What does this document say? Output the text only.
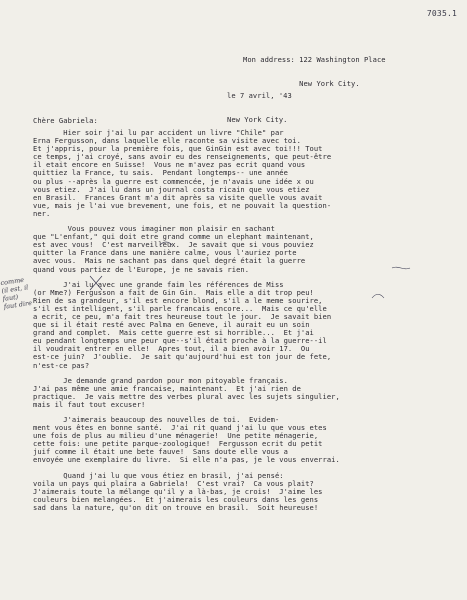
7035.1

Mon address: 122 Washington Place

New York City.

le 7 avril, '43

New York City.

Chère Gabriela:
Hier soir j'ai lu par accident un livre "Chile" par
Erna Fergusson, dans laquelle elle raconte sa visite avec toi.
Et j'appris, pour la première fois, que GinGin est avec toi!!! Tout
ce temps, j'ai croyé, sans avoir eu des renseignements, que peut-être
il etait encore en Suisse!  Vous ne m'avez pas ecrit quand vous
quittiez la France, tu sais.  Pendant longtemps-- une année
ou plus --après la guerre est commencée, je n'avais une idée x ou
vous etiez.  J'ai lu dans un journal costa ricain que vous etiez
en Brasil.  Frances Grant m'a dit après sa visite quelle vous avait
vue, mais je l'ai vue brevement, une fois, et ne pouvait la question-
ner.
Vous pouvez vous imaginer mon plaisir en sachant
que "L'enfant," qui doit etre grand comme un elephant maintenant,
est avec vous!  C'est marveilleux.  Je savait que si vous pouviez
quitter la France dans une manière calme, vous l'auriez porte
avec vous.  Mais ne sachant pas dans quel degré était la guerre
quand vous partiez de l'Europe, je ne savais rien.
J'ai lu avec une grande faim les références de Miss
(or Mme?) Fergusson a fait de Gin Gin.  Mais elle a dit trop peu!
Rien de sa grandeur, s'il est encore blond, s'il a le meme sourire,
s'il est intelligent, s'il parle francais encore...  Mais ce qu'elle
a ecrit, ce peu, m'a fait tres heureuse tout le jour.  Je savait bien
que si il était resté avec Palma en Geneve, il aurait eu un soin
grand and complet.  Mais cette guerre est si horrible...  Et j'ai
eu pendant longtemps une peur que--s'il était proche à la guerre--il
il voudrait entrer en elle!  Apres tout, il a bien avoir 17.  Ou
est-ce juin?  J'oublie.  Je sait qu'aujourd'hui est ton jour de fete,
n'est-ce pas?
Je demande grand pardon pour mon pitoyable français.
J'ai pas même une amie francaise, maintenant.  Et j'ai rien de
practique.  Je vais mettre des verbes plural avec les sujets singulier,
mais il faut tout excuser!
J'aimerais beaucoup des nouvelles de toi.  Evidem-
ment vous êtes en bonne santé.  J'ai rit quand j'ai lu que vous etes
une fois de plus au milieu d'une ménagerie!  Une petite ménagerie,
cette fois: une petite parque-zoologique!  Fergusson ecrit du petit
juif comme il était une bete fauve!  Sans doute elle vous a
envoyée une exemplaire du livre.  Si elle n'a pas, je le vous enverrai.
Quand j'ai lu que vous étiez en brasil, j'ai pensé:
voila un pays qui plaira a Gabriela!  C'est vrai?  Ca vous plait?
J'aimerais toute la mélange qu'il y a là-bas, je crois!  J'aime les
couleurs bien melangées.  Et j'aimerais les couleurs dans les gens
sad dans la nature, qu'on dit on trouve en brasil.  Soit heureuse!
comme
(il est, il
faut)
faut dire
